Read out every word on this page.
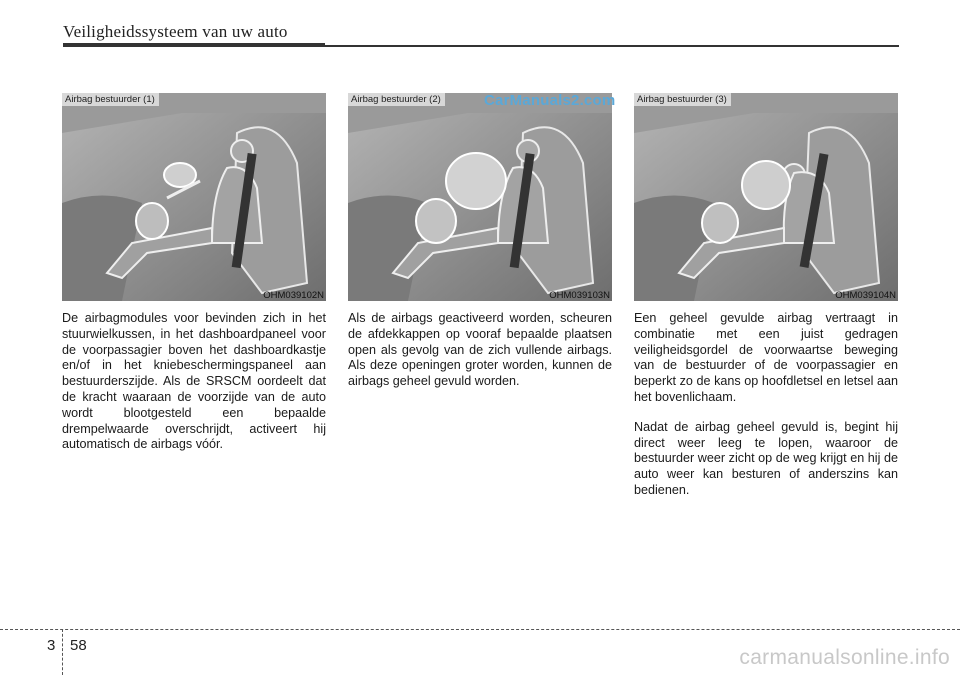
Veiligheidssysteem van uw auto
Airbag bestuurder (1)
OHM039102N
Airbag bestuurder (2)
OHM039103N
Airbag bestuurder (3)
OHM039104N
CarManuals2.com

De airbagmodules voor bevinden zich in het stuurwielkussen, in het dashboardpaneel voor de voorpassagier boven het dashboardkastje en/of in het kniebeschermingspaneel aan bestuurderszijde. Als de SRSCM oordeelt dat de kracht waaraan de voorzijde van de auto wordt blootgesteld een bepaalde drempelwaarde overschrijdt, activeert hij automatisch de airbags vóór.

Als de airbags geactiveerd worden, scheuren de afdekkappen op vooraf bepaalde plaatsen open als gevolg van de zich vullende airbags. Als deze openingen groter worden, kunnen de airbags geheel gevuld worden.

Een geheel gevulde airbag vertraagt in combinatie met een juist gedragen veiligheidsgordel de voorwaartse beweging van de bestuurder of de voorpassagier en beperkt zo de kans op hoofdletsel en letsel aan het bovenlichaam.

Nadat de airbag geheel gevuld is, begint hij direct weer leeg te lopen, waaroor de bestuurder weer zicht op de weg krijgt en hij de auto weer kan besturen of anderszins kan bedienen.

3 58
carmanualsonline.info
